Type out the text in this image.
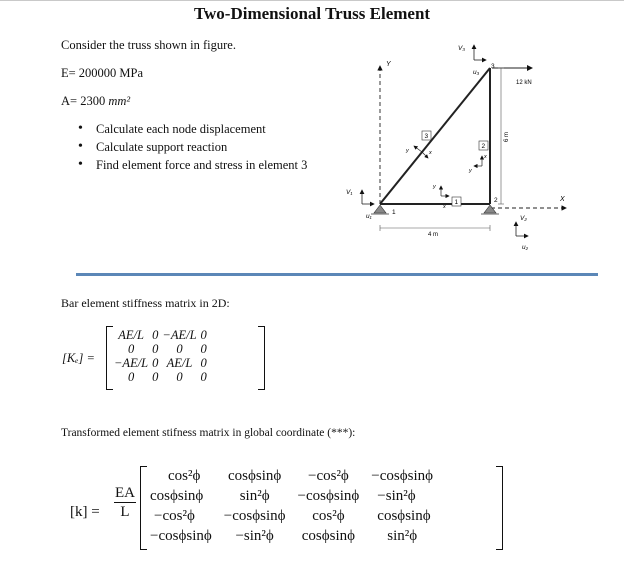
Two-Dimensional Truss Element
Consider the truss shown in figure.
E= 200000 MPa
A= 2300 mm²
• Calculate each node displacement
• Calculate support reaction
• Find element force and stress in element 3
Y
X
1
2
3
1
2
3
y	x
y
x
y
x
V₁
u₁	V₂
u₂
V₃
u₃
12 kN
6 m
4 m
Bar element stiffness matrix in 2D:
[Kₑ] =
AE/L	0	−AE/L	0
0	0	0	0
−AE/L	0	AE/L	0
0	0	0	0
Transformed element stifness matrix in global coordinate (***):
$[k] = \frac{EA}{L}$
cos²ϕ	cosϕsinϕ	−cos²ϕ	−cosϕsinϕ
cosϕsinϕ	sin²ϕ	−cosϕsinϕ	−sin²ϕ
−cos²ϕ	−cosϕsinϕ	cos²ϕ	cosϕsinϕ
−cosϕsinϕ	−sin²ϕ	cosϕsinϕ	sin²ϕ
